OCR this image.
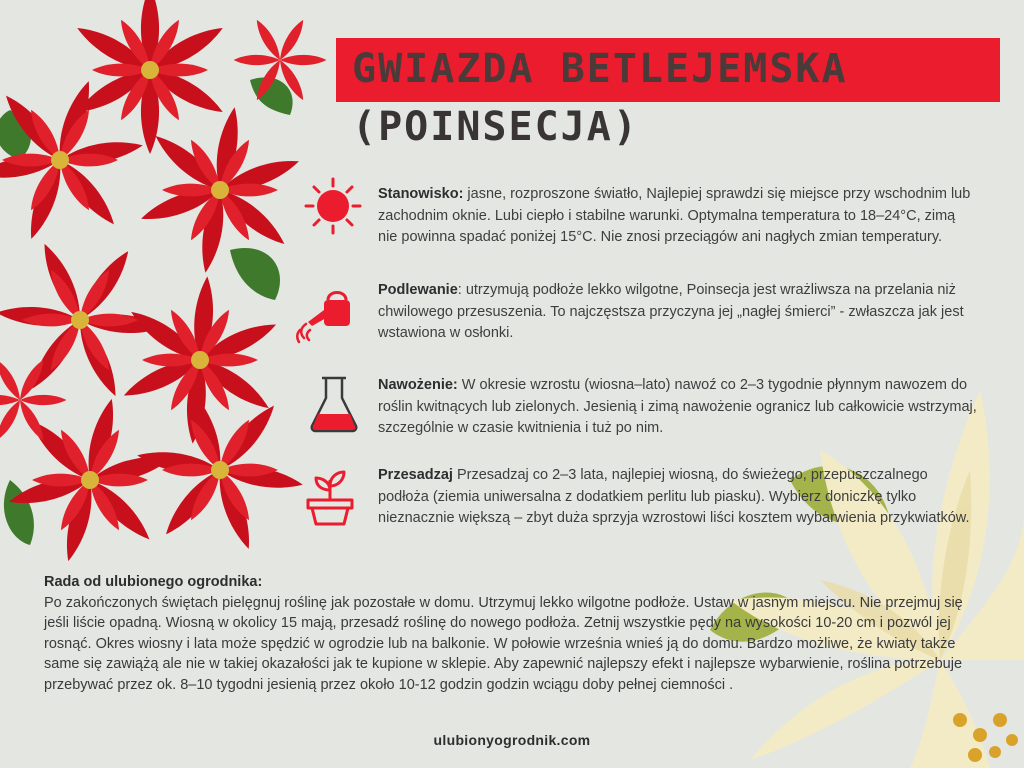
GWIAZDA BETLEJEMSKA
(POINSECJA)
Stanowisko: jasne, rozproszone światło, Najlepiej sprawdzi się miejsce przy wschodnim lub zachodnim oknie. Lubi ciepło i stabilne warunki. Optymalna temperatura to 18–24°C, zimą nie powinna spadać poniżej 15°C. Nie znosi przeciągów ani nagłych zmian temperatury.
Podlewanie: utrzymują podłoże lekko wilgotne, Poinsecja jest wrażliwsza na przelania niż chwilowego przesuszenia. To najczęstsza przyczyna jej „nagłej śmierci” - zwłaszcza jak jest wstawiona w osłonki.
Nawożenie: W okresie wzrostu (wiosna–lato) nawoź co 2–3 tygodnie płynnym nawozem do roślin kwitnących lub zielonych. Jesienią i zimą nawożenie ogranicz lub całkowicie wstrzymaj, szczególnie w czasie kwitnienia i tuż po nim.
Przesadzaj Przesadzaj co 2–3 lata, najlepiej wiosną, do świeżego, przepuszczalnego podłoża (ziemia uniwersalna z dodatkiem perlitu lub piasku). Wybierz doniczkę tylko nieznacznie większą – zbyt duża sprzyja wzrostowi liści kosztem wybarwienia przykwiatków.
Rada od ulubionego ogrodnika:
Po zakończonych świętach pielęgnuj roślinę jak pozostałe w domu. Utrzymuj lekko wilgotne podłoże. Ustaw w jasnym miejscu. Nie przejmuj się jeśli liście opadną. Wiosną w okolicy 15 mają, przesadź roślinę do nowego podłoża. Zetnij wszystkie pędy na wysokości 10-20 cm i pozwól jej rosnąć. Okres wiosny i lata może spędzić w ogrodzie lub na balkonie. W połowie września wnieś ją do domu. Bardzo możliwe, że kwiaty także same się zawiążą ale nie w takiej okazałości jak te kupione w sklepie. Aby zapewnić najlepszy efekt i najlepsze wybarwienie, roślina potrzebuje przebywać przez ok. 8–10 tygodni jesienią przez około 10-12 godzin godzin wciągu doby pełnej ciemności .
ulubionyogrodnik.com
